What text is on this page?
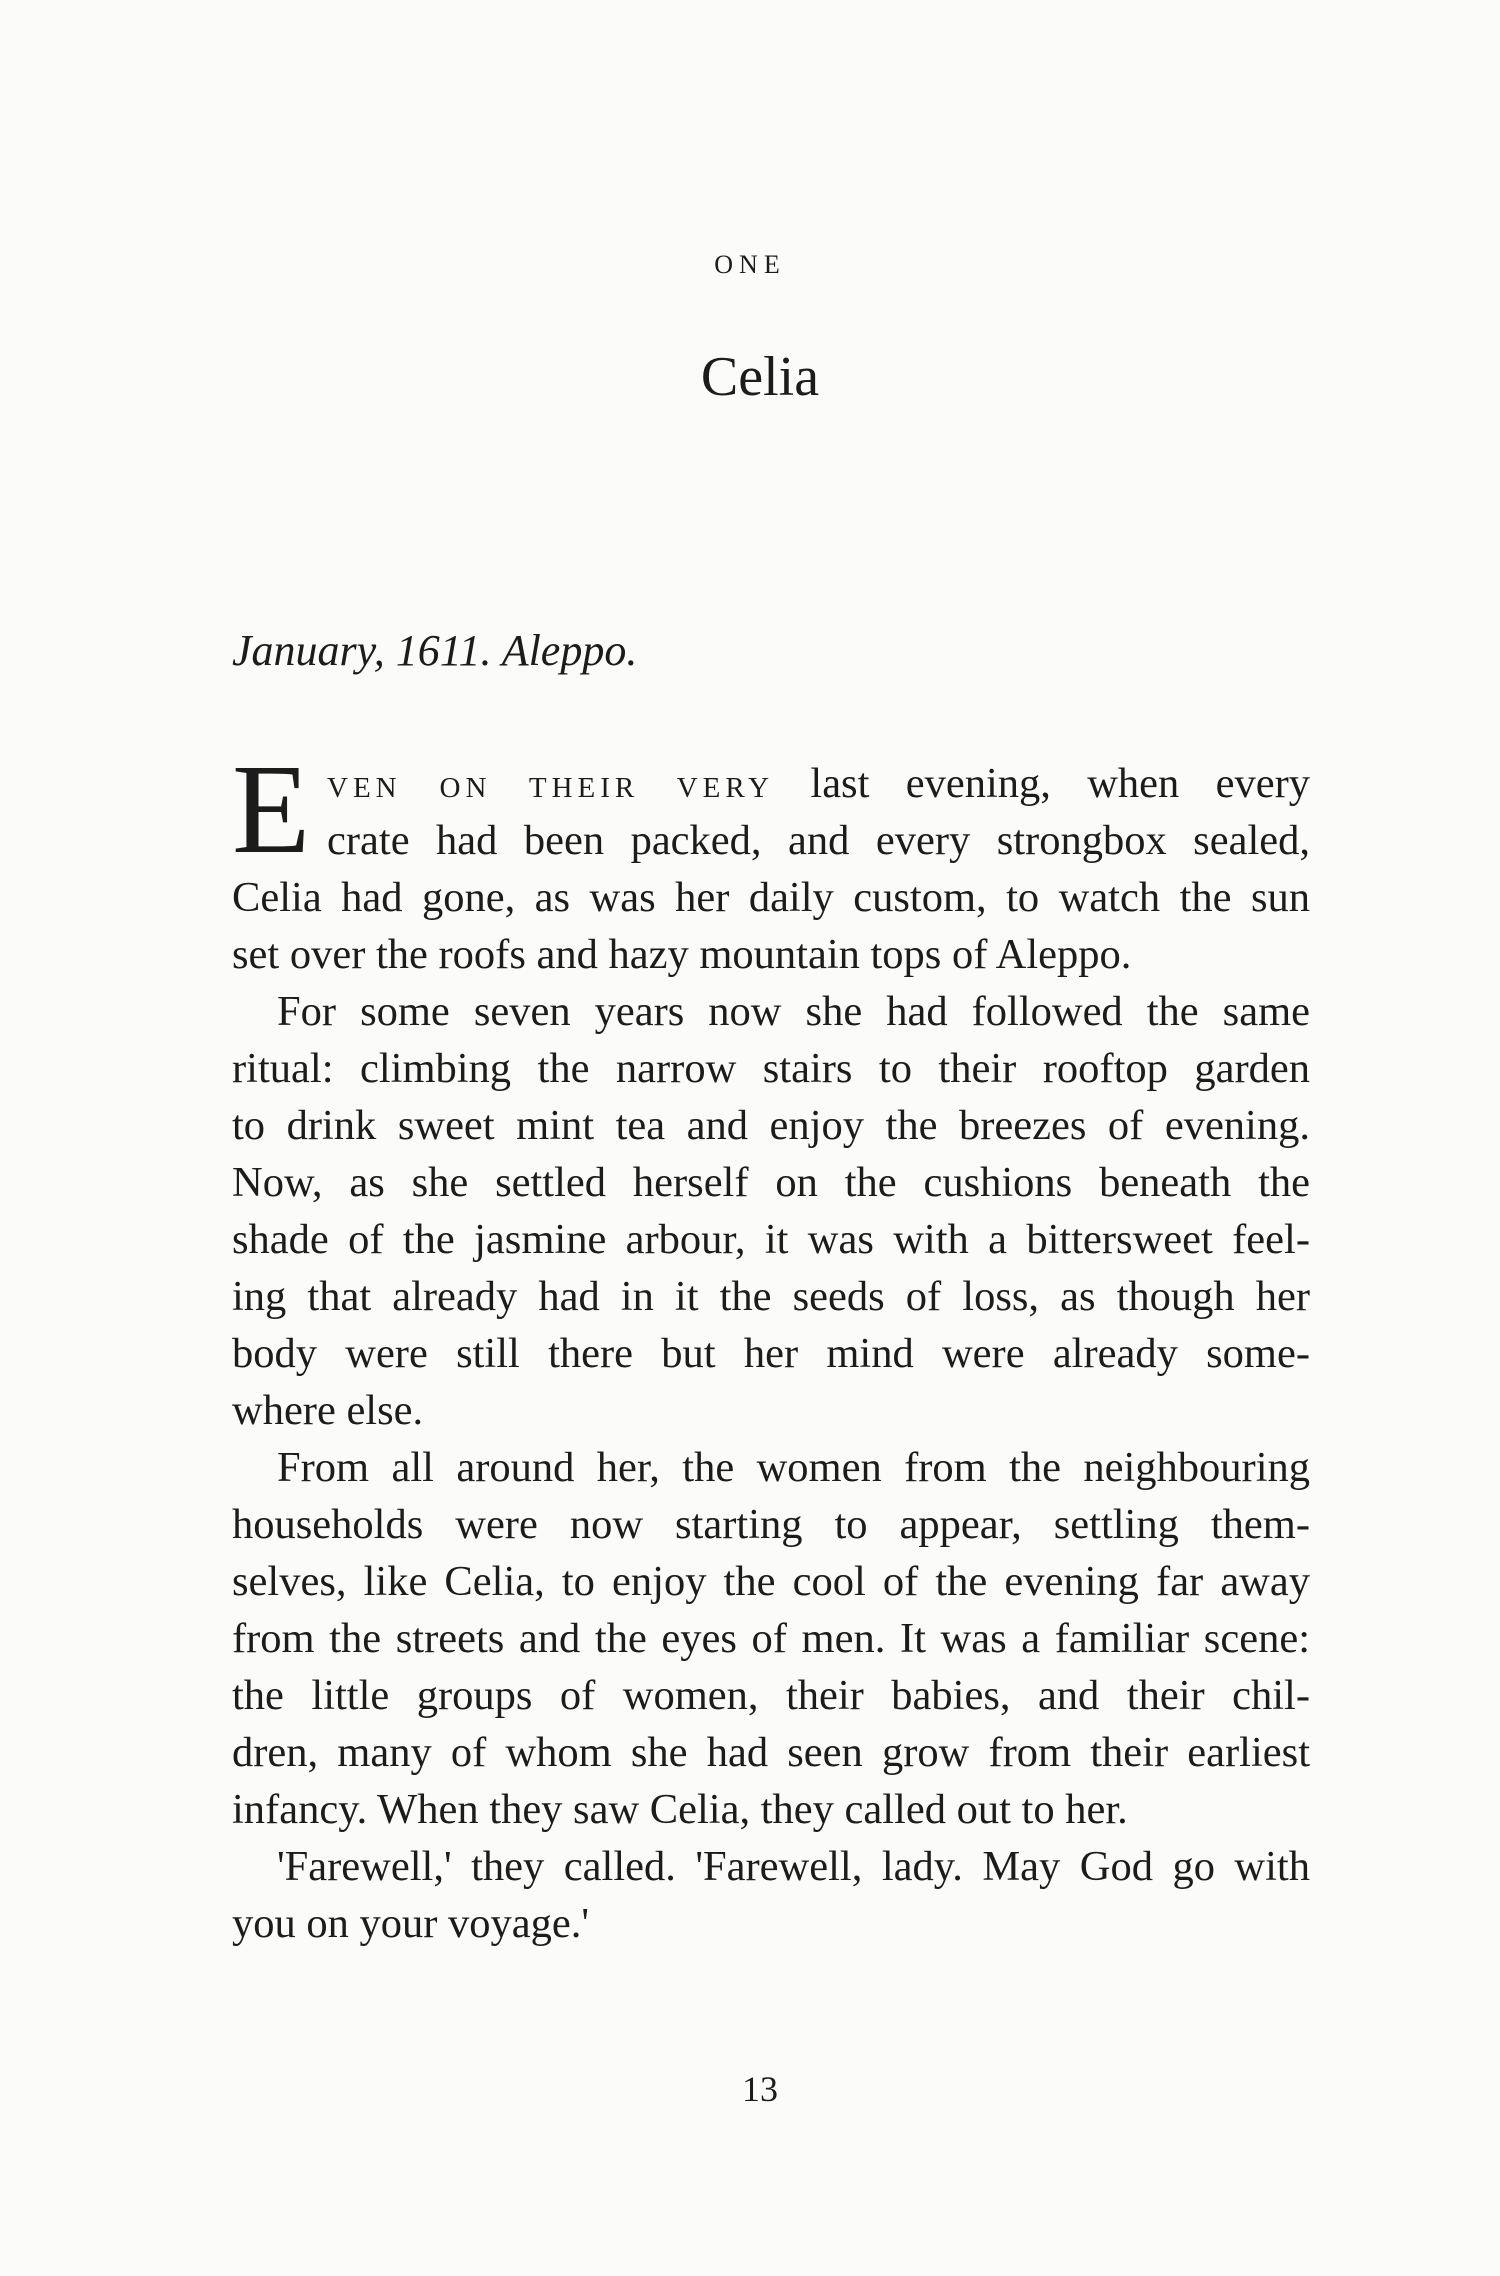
ONE
Celia
January, 1611. Aleppo.
E VEN ON THEIR VERY last evening, when every
crate had been packed, and every strongbox sealed,
Celia had gone, as was her daily custom, to watch the sun
set over the roofs and hazy mountain tops of Aleppo.
For some seven years now she had followed the same
ritual: climbing the narrow stairs to their rooftop garden
to drink sweet mint tea and enjoy the breezes of evening.
Now, as she settled herself on the cushions beneath the
shade of the jasmine arbour, it was with a bittersweet feel-
ing that already had in it the seeds of loss, as though her
body were still there but her mind were already some-
where else.
From all around her, the women from the neighbouring
households were now starting to appear, settling them-
selves, like Celia, to enjoy the cool of the evening far away
from the streets and the eyes of men. It was a familiar scene:
the little groups of women, their babies, and their chil-
dren, many of whom she had seen grow from their earliest
infancy. When they saw Celia, they called out to her.
'Farewell,' they called. 'Farewell, lady. May God go with
you on your voyage.'
13
